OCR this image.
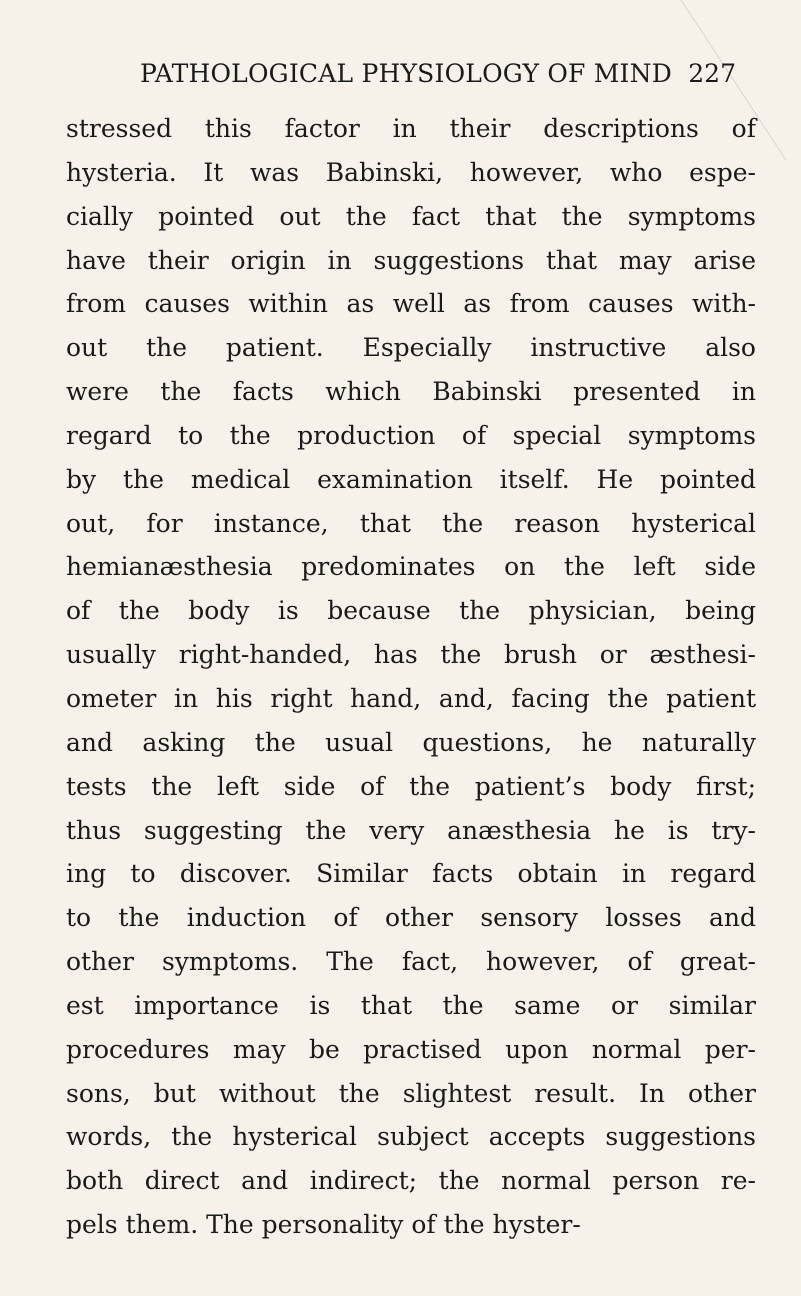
PATHOLOGICAL PHYSIOLOGY OF MIND 227
stressed this factor in their descriptions of
hysteria. It was Babinski, however, who espe-
cially pointed out the fact that the symptoms
have their origin in suggestions that may arise
from causes within as well as from causes with-
out the patient. Especially instructive also
were the facts which Babinski presented in
regard to the production of special symptoms
by the medical examination itself. He pointed
out, for instance, that the reason hysterical
hemianæsthesia predominates on the left side
of the body is because the physician, being
usually right-handed, has the brush or æsthesi-
ometer in his right hand, and, facing the patient
and asking the usual questions, he naturally
tests the left side of the patient’s body first;
thus suggesting the very anæsthesia he is try-
ing to discover. Similar facts obtain in regard
to the induction of other sensory losses and
other symptoms. The fact, however, of great-
est importance is that the same or similar
procedures may be practised upon normal per-
sons, but without the slightest result. In other
words, the hysterical subject accepts suggestions
both direct and indirect; the normal person re-
pels them. The personality of the hyster-
